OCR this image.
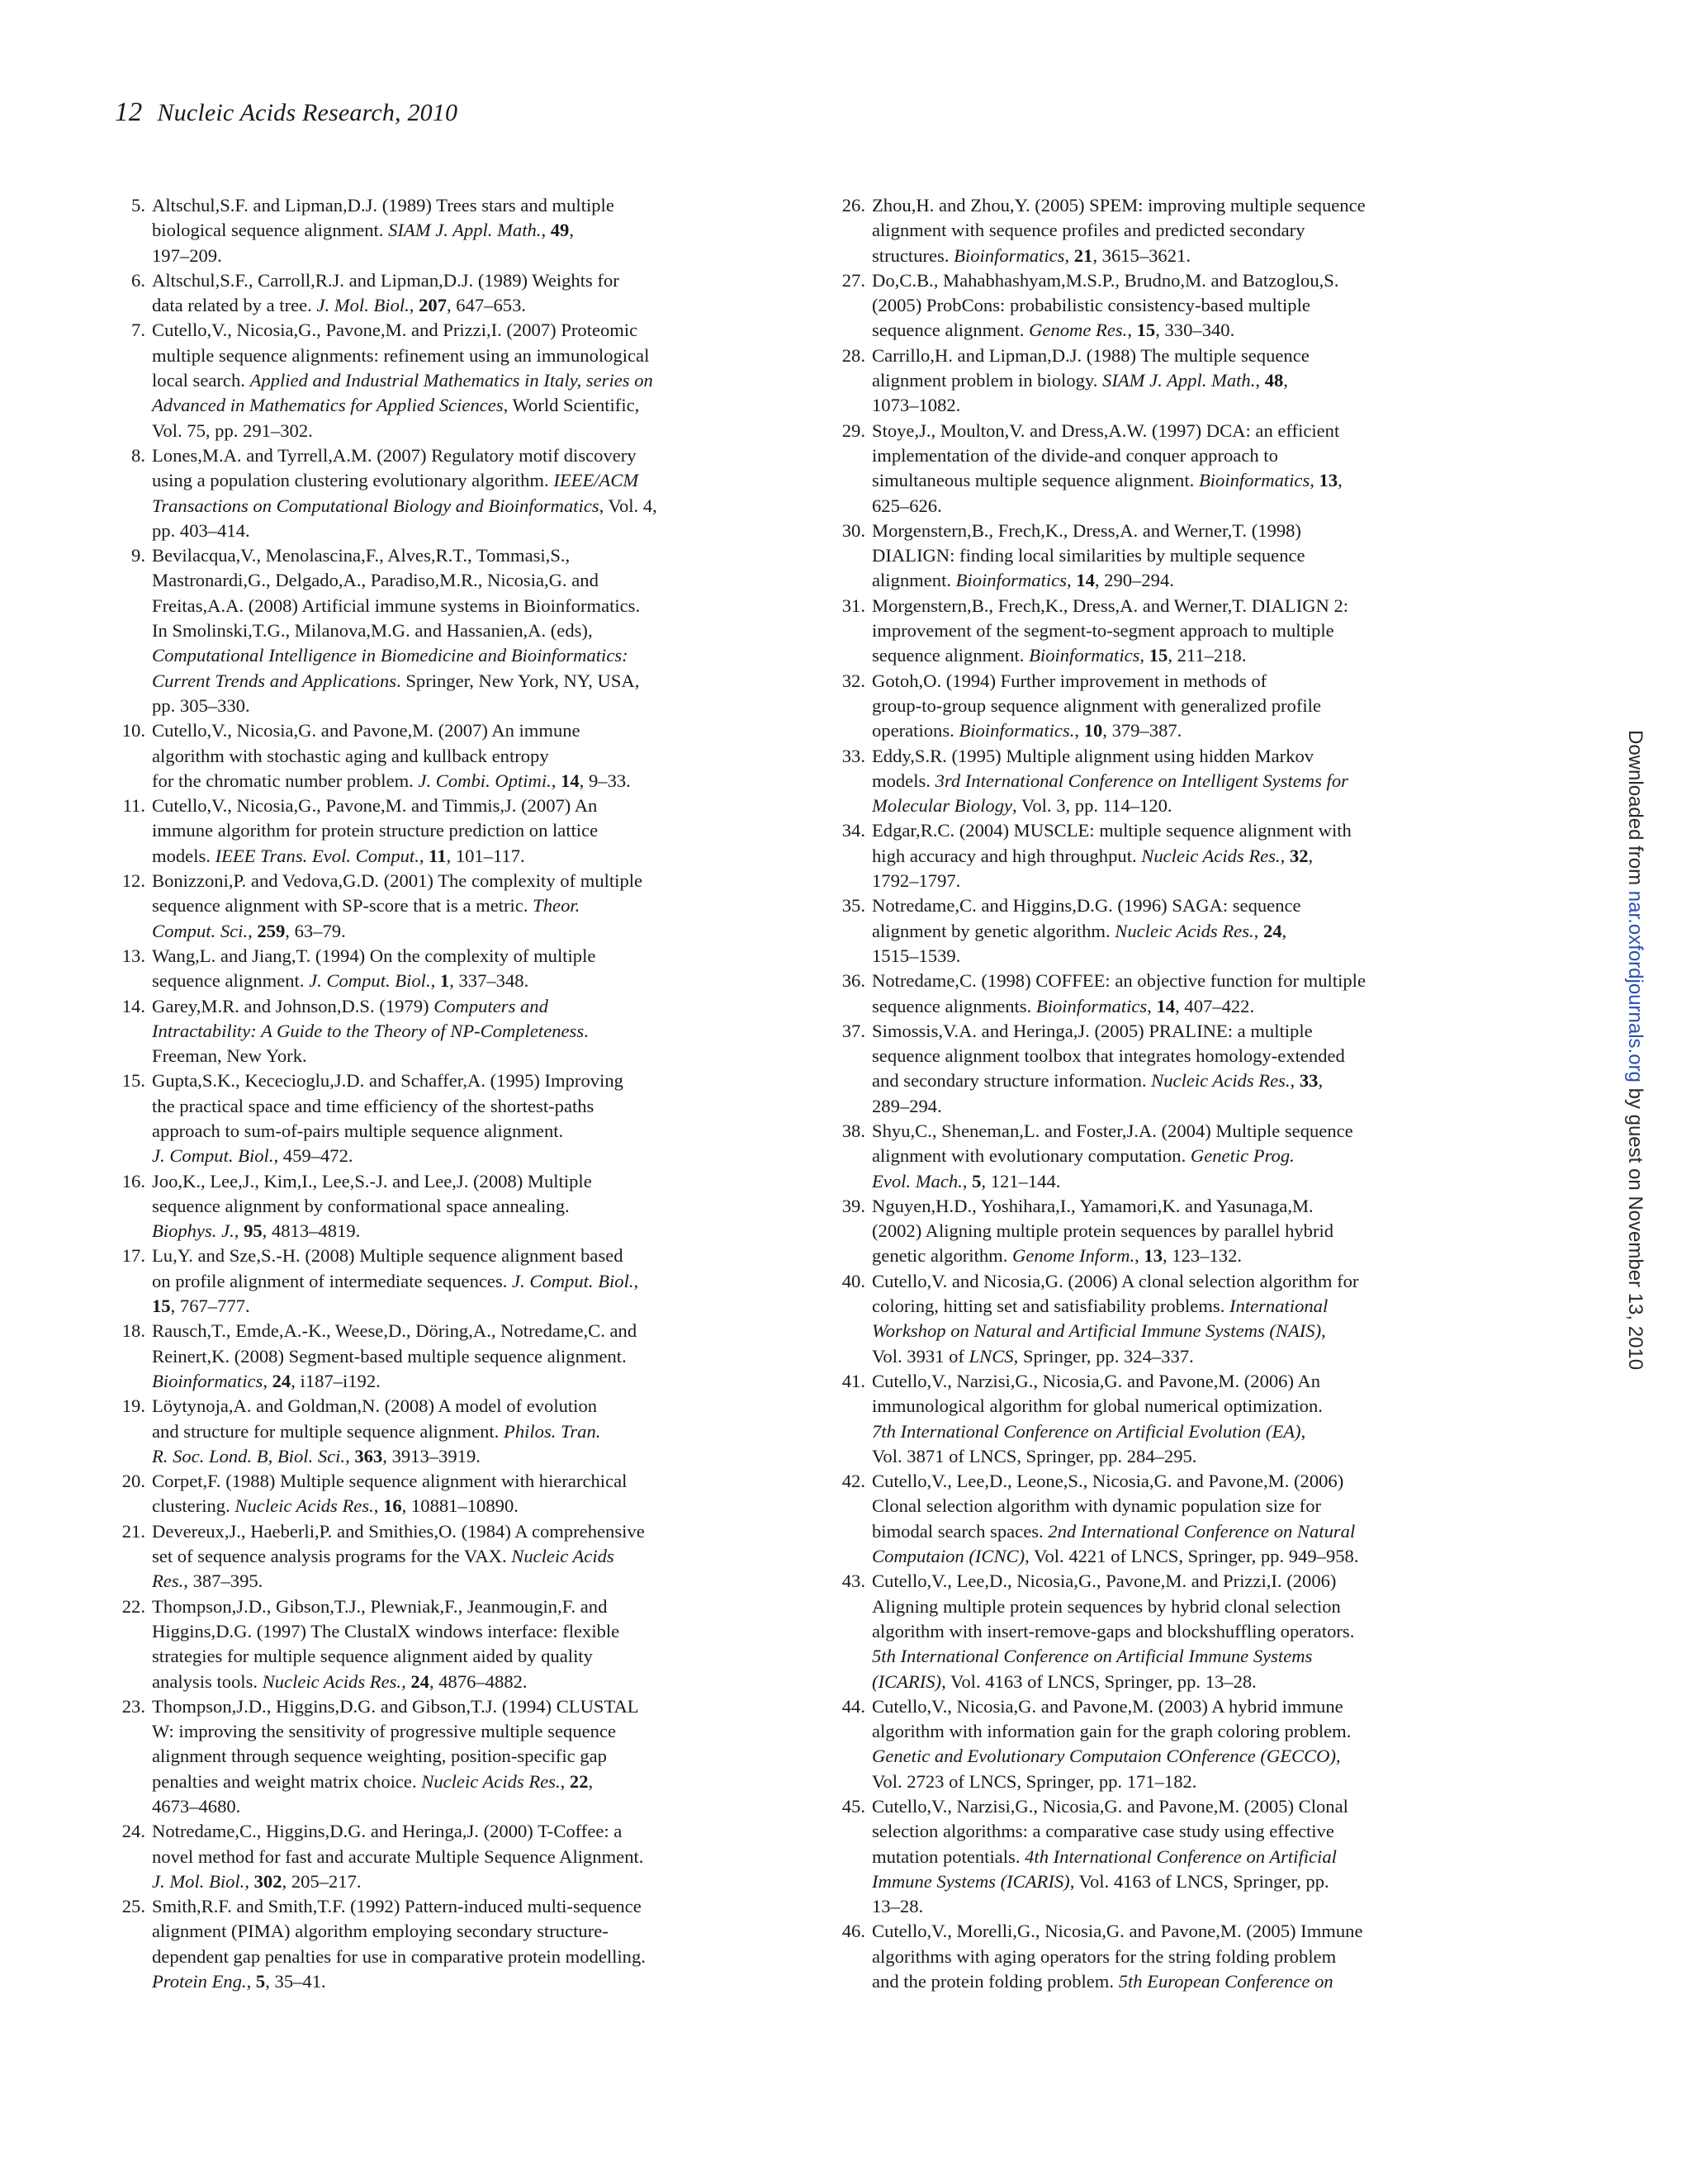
12 Nucleic Acids Research, 2010
5. Altschul,S.F. and Lipman,D.J. (1989) Trees stars and multiple
biological sequence alignment. SIAM J. Appl. Math., 49,
197–209.
6. Altschul,S.F., Carroll,R.J. and Lipman,D.J. (1989) Weights for
data related by a tree. J. Mol. Biol., 207, 647–653.
7. Cutello,V., Nicosia,G., Pavone,M. and Prizzi,I. (2007) Proteomic
multiple sequence alignments: refinement using an immunological
local search. Applied and Industrial Mathematics in Italy, series on
Advanced in Mathematics for Applied Sciences, World Scientific,
Vol. 75, pp. 291–302.
8. Lones,M.A. and Tyrrell,A.M. (2007) Regulatory motif discovery
using a population clustering evolutionary algorithm. IEEE/ACM
Transactions on Computational Biology and Bioinformatics, Vol. 4,
pp. 403–414.
9. Bevilacqua,V., Menolascina,F., Alves,R.T., Tommasi,S.,
Mastronardi,G., Delgado,A., Paradiso,M.R., Nicosia,G. and
Freitas,A.A. (2008) Artificial immune systems in Bioinformatics.
In Smolinski,T.G., Milanova,M.G. and Hassanien,A. (eds),
Computational Intelligence in Biomedicine and Bioinformatics:
Current Trends and Applications. Springer, New York, NY, USA,
pp. 305–330.
10. Cutello,V., Nicosia,G. and Pavone,M. (2007) An immune
algorithm with stochastic aging and kullback entropy
for the chromatic number problem. J. Combi. Optimi., 14, 9–33.
11. Cutello,V., Nicosia,G., Pavone,M. and Timmis,J. (2007) An
immune algorithm for protein structure prediction on lattice
models. IEEE Trans. Evol. Comput., 11, 101–117.
12. Bonizzoni,P. and Vedova,G.D. (2001) The complexity of multiple
sequence alignment with SP-score that is a metric. Theor.
Comput. Sci., 259, 63–79.
13. Wang,L. and Jiang,T. (1994) On the complexity of multiple
sequence alignment. J. Comput. Biol., 1, 337–348.
14. Garey,M.R. and Johnson,D.S. (1979) Computers and
Intractability: A Guide to the Theory of NP-Completeness.
Freeman, New York.
15. Gupta,S.K., Kececioglu,J.D. and Schaffer,A. (1995) Improving
the practical space and time efficiency of the shortest-paths
approach to sum-of-pairs multiple sequence alignment.
J. Comput. Biol., 459–472.
16. Joo,K., Lee,J., Kim,I., Lee,S.-J. and Lee,J. (2008) Multiple
sequence alignment by conformational space annealing.
Biophys. J., 95, 4813–4819.
17. Lu,Y. and Sze,S.-H. (2008) Multiple sequence alignment based
on profile alignment of intermediate sequences. J. Comput. Biol.,
15, 767–777.
18. Rausch,T., Emde,A.-K., Weese,D., Döring,A., Notredame,C. and
Reinert,K. (2008) Segment-based multiple sequence alignment.
Bioinformatics, 24, i187–i192.
19. Löytynoja,A. and Goldman,N. (2008) A model of evolution
and structure for multiple sequence alignment. Philos. Tran.
R. Soc. Lond. B, Biol. Sci., 363, 3913–3919.
20. Corpet,F. (1988) Multiple sequence alignment with hierarchical
clustering. Nucleic Acids Res., 16, 10881–10890.
21. Devereux,J., Haeberli,P. and Smithies,O. (1984) A comprehensive
set of sequence analysis programs for the VAX. Nucleic Acids
Res., 387–395.
22. Thompson,J.D., Gibson,T.J., Plewniak,F., Jeanmougin,F. and
Higgins,D.G. (1997) The ClustalX windows interface: flexible
strategies for multiple sequence alignment aided by quality
analysis tools. Nucleic Acids Res., 24, 4876–4882.
23. Thompson,J.D., Higgins,D.G. and Gibson,T.J. (1994) CLUSTAL
W: improving the sensitivity of progressive multiple sequence
alignment through sequence weighting, position-specific gap
penalties and weight matrix choice. Nucleic Acids Res., 22,
4673–4680.
24. Notredame,C., Higgins,D.G. and Heringa,J. (2000) T-Coffee: a
novel method for fast and accurate Multiple Sequence Alignment.
J. Mol. Biol., 302, 205–217.
25. Smith,R.F. and Smith,T.F. (1992) Pattern-induced multi-sequence
alignment (PIMA) algorithm employing secondary structure-
dependent gap penalties for use in comparative protein modelling.
Protein Eng., 5, 35–41.
26. Zhou,H. and Zhou,Y. (2005) SPEM: improving multiple sequence
alignment with sequence profiles and predicted secondary
structures. Bioinformatics, 21, 3615–3621.
27. Do,C.B., Mahabhashyam,M.S.P., Brudno,M. and Batzoglou,S.
(2005) ProbCons: probabilistic consistency-based multiple
sequence alignment. Genome Res., 15, 330–340.
28. Carrillo,H. and Lipman,D.J. (1988) The multiple sequence
alignment problem in biology. SIAM J. Appl. Math., 48,
1073–1082.
29. Stoye,J., Moulton,V. and Dress,A.W. (1997) DCA: an efficient
implementation of the divide-and conquer approach to
simultaneous multiple sequence alignment. Bioinformatics, 13,
625–626.
30. Morgenstern,B., Frech,K., Dress,A. and Werner,T. (1998)
DIALIGN: finding local similarities by multiple sequence
alignment. Bioinformatics, 14, 290–294.
31. Morgenstern,B., Frech,K., Dress,A. and Werner,T. DIALIGN 2:
improvement of the segment-to-segment approach to multiple
sequence alignment. Bioinformatics, 15, 211–218.
32. Gotoh,O. (1994) Further improvement in methods of
group-to-group sequence alignment with generalized profile
operations. Bioinformatics., 10, 379–387.
33. Eddy,S.R. (1995) Multiple alignment using hidden Markov
models. 3rd International Conference on Intelligent Systems for
Molecular Biology, Vol. 3, pp. 114–120.
34. Edgar,R.C. (2004) MUSCLE: multiple sequence alignment with
high accuracy and high throughput. Nucleic Acids Res., 32,
1792–1797.
35. Notredame,C. and Higgins,D.G. (1996) SAGA: sequence
alignment by genetic algorithm. Nucleic Acids Res., 24,
1515–1539.
36. Notredame,C. (1998) COFFEE: an objective function for multiple
sequence alignments. Bioinformatics, 14, 407–422.
37. Simossis,V.A. and Heringa,J. (2005) PRALINE: a multiple
sequence alignment toolbox that integrates homology-extended
and secondary structure information. Nucleic Acids Res., 33,
289–294.
38. Shyu,C., Sheneman,L. and Foster,J.A. (2004) Multiple sequence
alignment with evolutionary computation. Genetic Prog.
Evol. Mach., 5, 121–144.
39. Nguyen,H.D., Yoshihara,I., Yamamori,K. and Yasunaga,M.
(2002) Aligning multiple protein sequences by parallel hybrid
genetic algorithm. Genome Inform., 13, 123–132.
40. Cutello,V. and Nicosia,G. (2006) A clonal selection algorithm for
coloring, hitting set and satisfiability problems. International
Workshop on Natural and Artificial Immune Systems (NAIS),
Vol. 3931 of LNCS, Springer, pp. 324–337.
41. Cutello,V., Narzisi,G., Nicosia,G. and Pavone,M. (2006) An
immunological algorithm for global numerical optimization.
7th International Conference on Artificial Evolution (EA),
Vol. 3871 of LNCS, Springer, pp. 284–295.
42. Cutello,V., Lee,D., Leone,S., Nicosia,G. and Pavone,M. (2006)
Clonal selection algorithm with dynamic population size for
bimodal search spaces. 2nd International Conference on Natural
Computaion (ICNC), Vol. 4221 of LNCS, Springer, pp. 949–958.
43. Cutello,V., Lee,D., Nicosia,G., Pavone,M. and Prizzi,I. (2006)
Aligning multiple protein sequences by hybrid clonal selection
algorithm with insert-remove-gaps and blockshuffling operators.
5th International Conference on Artificial Immune Systems
(ICARIS), Vol. 4163 of LNCS, Springer, pp. 13–28.
44. Cutello,V., Nicosia,G. and Pavone,M. (2003) A hybrid immune
algorithm with information gain for the graph coloring problem.
Genetic and Evolutionary Computaion COnference (GECCO),
Vol. 2723 of LNCS, Springer, pp. 171–182.
45. Cutello,V., Narzisi,G., Nicosia,G. and Pavone,M. (2005) Clonal
selection algorithms: a comparative case study using effective
mutation potentials. 4th International Conference on Artificial
Immune Systems (ICARIS), Vol. 4163 of LNCS, Springer, pp.
13–28.
46. Cutello,V., Morelli,G., Nicosia,G. and Pavone,M. (2005) Immune
algorithms with aging operators for the string folding problem
and the protein folding problem. 5th European Conference on
Downloaded from nar.oxfordjournals.org by guest on November 13, 2010
